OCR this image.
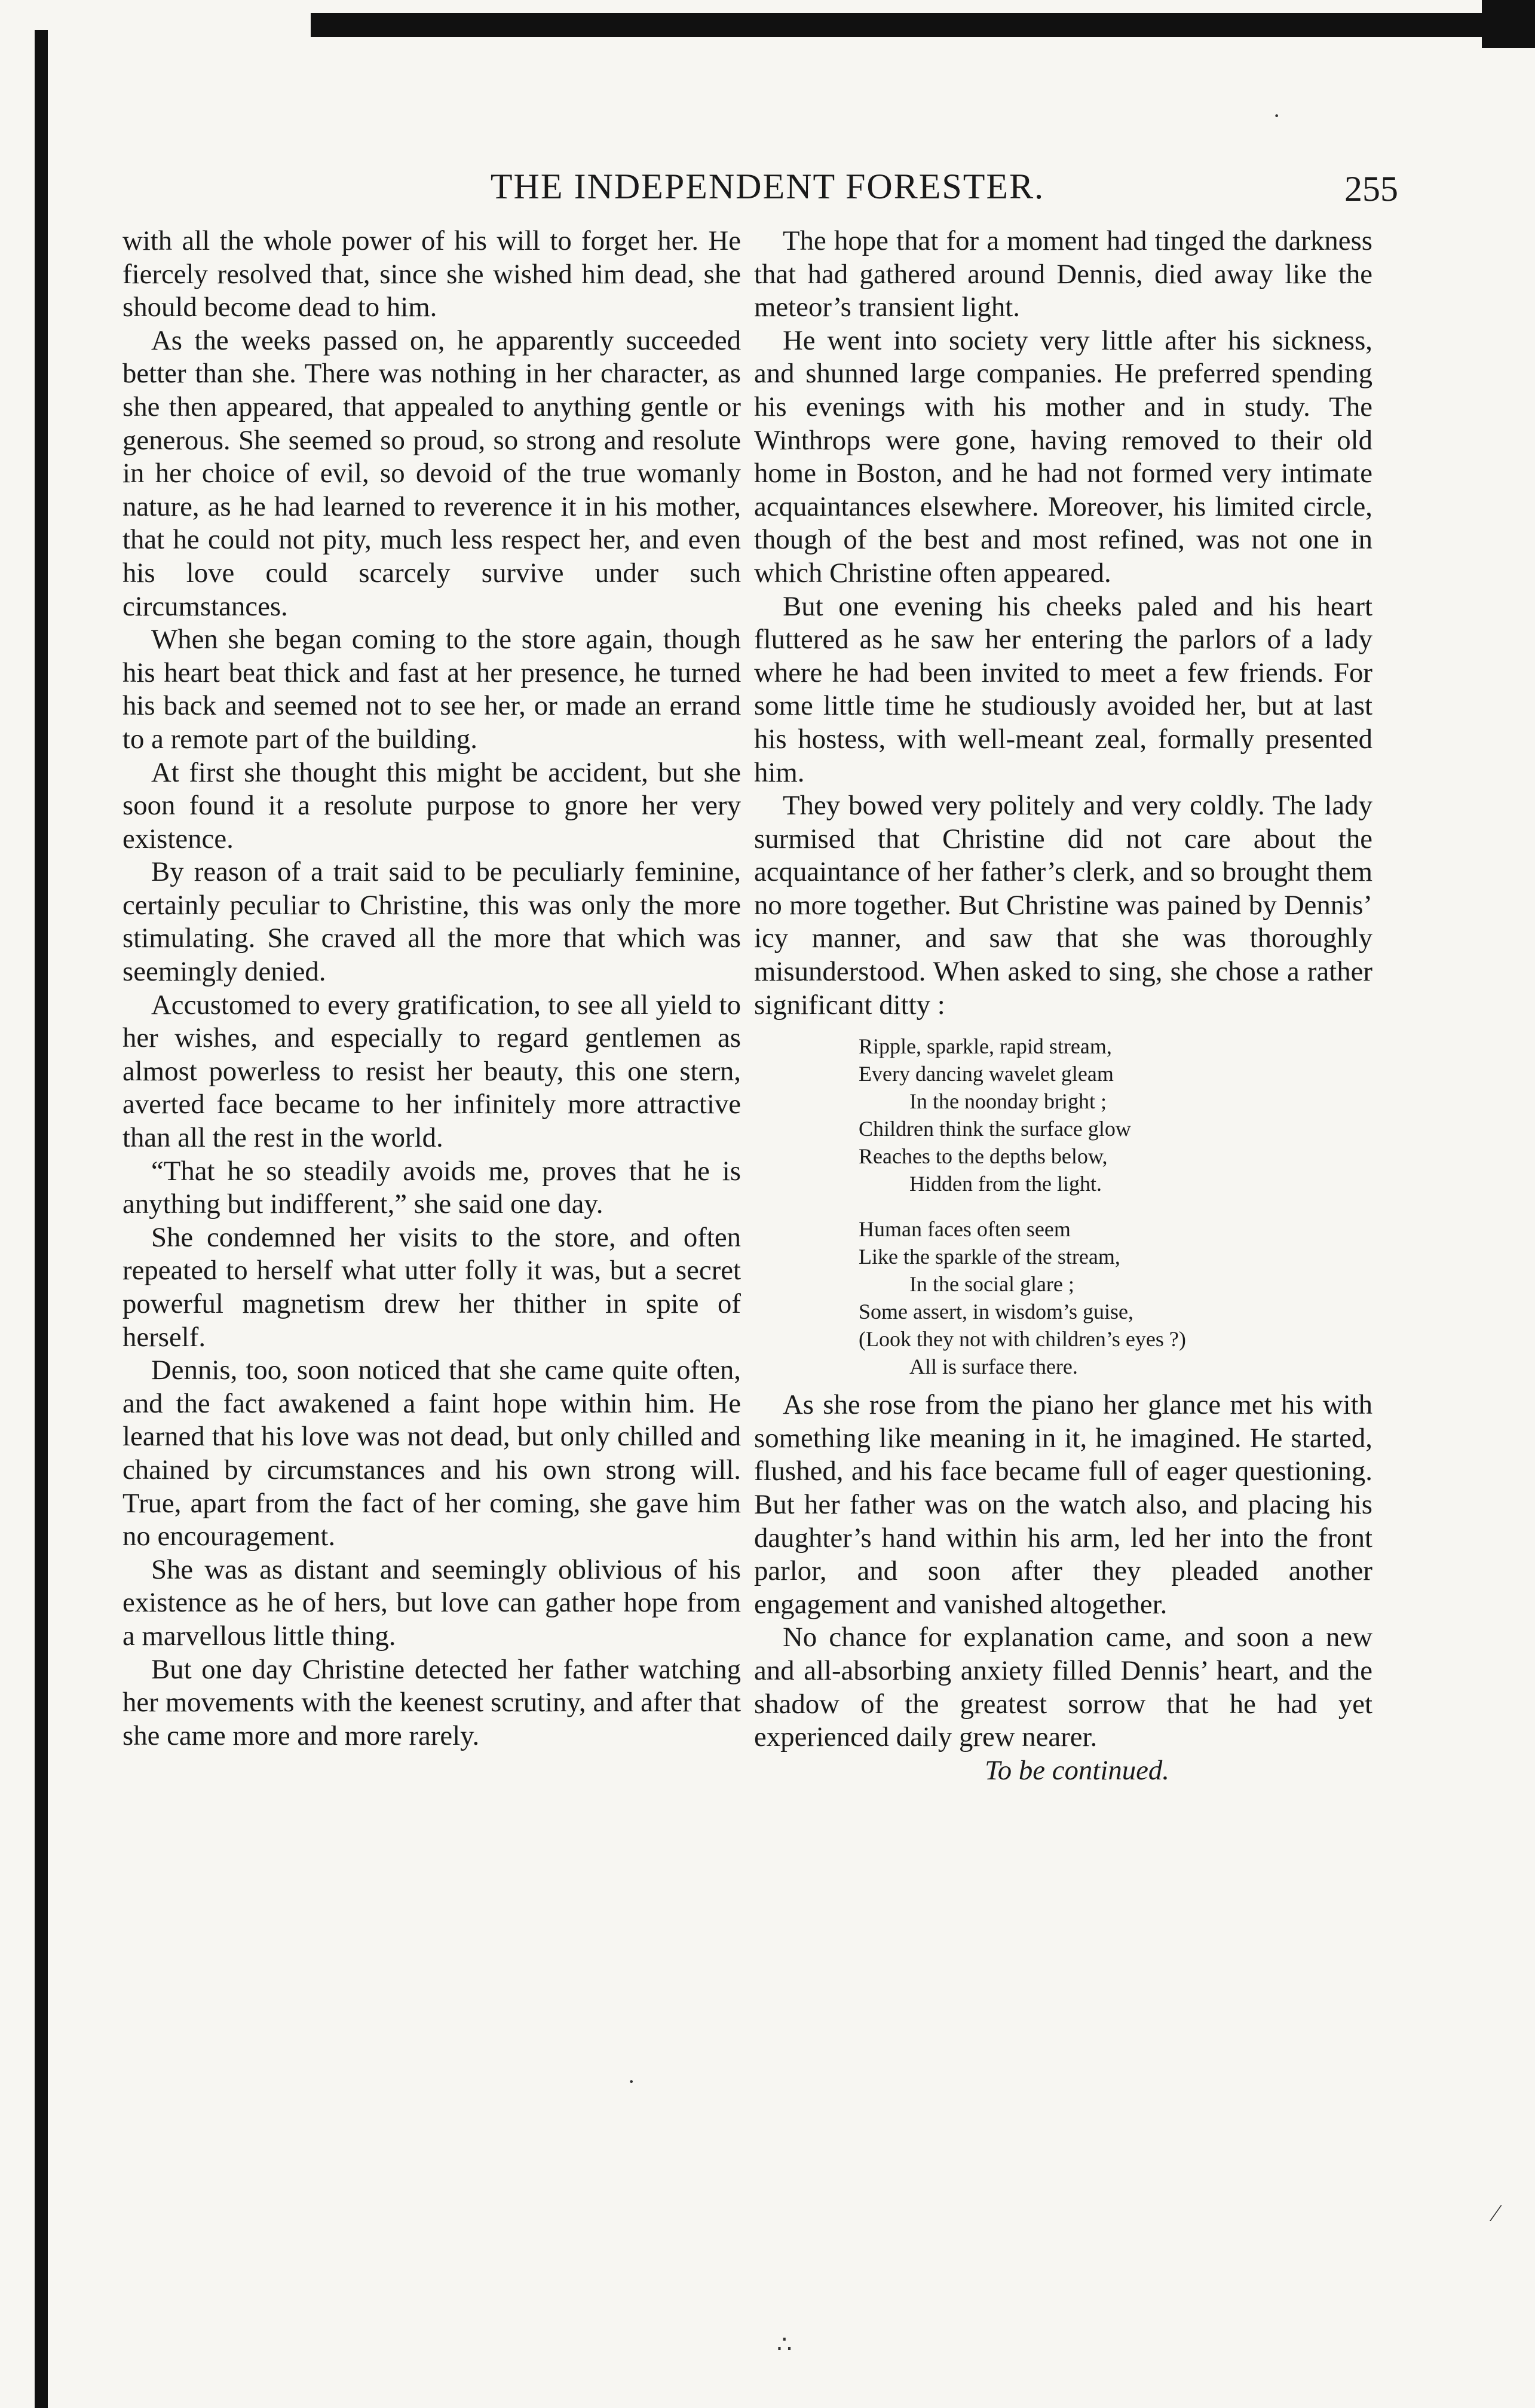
THE INDEPENDENT FORESTER.	255

with all the whole power of his will to forget her. He fiercely resolved that, since she wished him dead, she should become dead to him.

As the weeks passed on, he apparently succeeded better than she. There was nothing in her character, as she then appeared, that appealed to anything gentle or generous. She seemed so proud, so strong and resolute in her choice of evil, so devoid of the true womanly nature, as he had learned to reverence it in his mother, that he could not pity, much less respect her, and even his love could scarcely survive under such circumstances.

When she began coming to the store again, though his heart beat thick and fast at her presence, he turned his back and seemed not to see her, or made an errand to a remote part of the building.

At first she thought this might be accident, but she soon found it a resolute purpose to gnore her very existence.

By reason of a trait said to be peculiarly feminine, certainly peculiar to Christine, this was only the more stimulating. She craved all the more that which was seemingly denied.

Accustomed to every gratification, to see all yield to her wishes, and especially to regard gentlemen as almost powerless to resist her beauty, this one stern, averted face became to her infinitely more attractive than all the rest in the world.

“That he so steadily avoids me, proves that he is anything but indifferent,” she said one day.

She condemned her visits to the store, and often repeated to herself what utter folly it was, but a secret powerful magnetism drew her thither in spite of herself.

Dennis, too, soon noticed that she came quite often, and the fact awakened a faint hope within him. He learned that his love was not dead, but only chilled and chained by circumstances and his own strong will. True, apart from the fact of her coming, she gave him no encouragement.

She was as distant and seemingly oblivious of his existence as he of hers, but love can gather hope from a marvellous little thing.

But one day Christine detected her father watching her movements with the keenest scrutiny, and after that she came more and more rarely.

The hope that for a moment had tinged the darkness that had gathered around Dennis, died away like the meteor’s transient light.

He went into society very little after his sickness, and shunned large companies. He preferred spending his evenings with his mother and in study. The Winthrops were gone, having removed to their old home in Boston, and he had not formed very intimate acquaintances elsewhere. Moreover, his limited circle, though of the best and most refined, was not one in which Christine often appeared.

But one evening his cheeks paled and his heart fluttered as he saw her entering the parlors of a lady where he had been invited to meet a few friends. For some little time he studiously avoided her, but at last his hostess, with well-meant zeal, formally presented him.

They bowed very politely and very coldly. The lady surmised that Christine did not care about the acquaintance of her father’s clerk, and so brought them no more together. But Christine was pained by Dennis’ icy manner, and saw that she was thoroughly misunderstood. When asked to sing, she chose a rather significant ditty :

Ripple, sparkle, rapid stream,
Every dancing wavelet gleam
In the noonday bright ;
Children think the surface glow
Reaches to the depths below,
Hidden from the light.
Human faces often seem
Like the sparkle of the stream,
In the social glare ;
Some assert, in wisdom’s guise,
(Look they not with children’s eyes ?)
All is surface there.

As she rose from the piano her glance met his with something like meaning in it, he imagined. He started, flushed, and his face became full of eager questioning. But her father was on the watch also, and placing his daughter’s hand within his arm, led her into the front parlor, and soon after they pleaded another engagement and vanished altogether.

No chance for explanation came, and soon a new and all-absorbing anxiety filled Dennis’ heart, and the shadow of the greatest sorrow that he had yet experienced daily grew nearer.

To be continued.

·
·
∴
⁄
